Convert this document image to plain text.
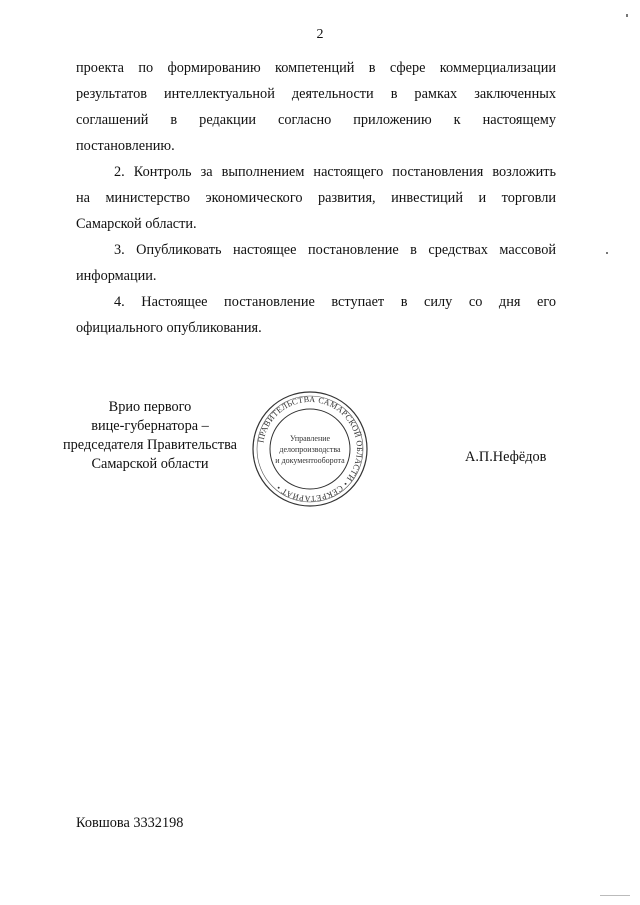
2
проекта по формированию компетенций в сфере коммерциализации
результатов интеллектуальной деятельности в рамках заключенных
соглашений в редакции согласно приложению к настоящему
постановлению.
2. Контроль за выполнением настоящего постановления возложить
на министерство экономического развития, инвестиций и торговли
Самарской области.
3. Опубликовать настоящее постановление в средствах массовой
информации.
4. Настоящее постановление вступает в силу со дня его
официального опубликования.
Врио первого
вице-губернатора –
председателя Правительства
Самарской области
ПРАВИТЕЛЬСТВА САМАРСКОЙ ОБЛАСТИ • СЕКРЕТАРИАТ •
Управление
делопроизводства
и документооборота	А.П.Нефёдов
Ковшова 3332198
